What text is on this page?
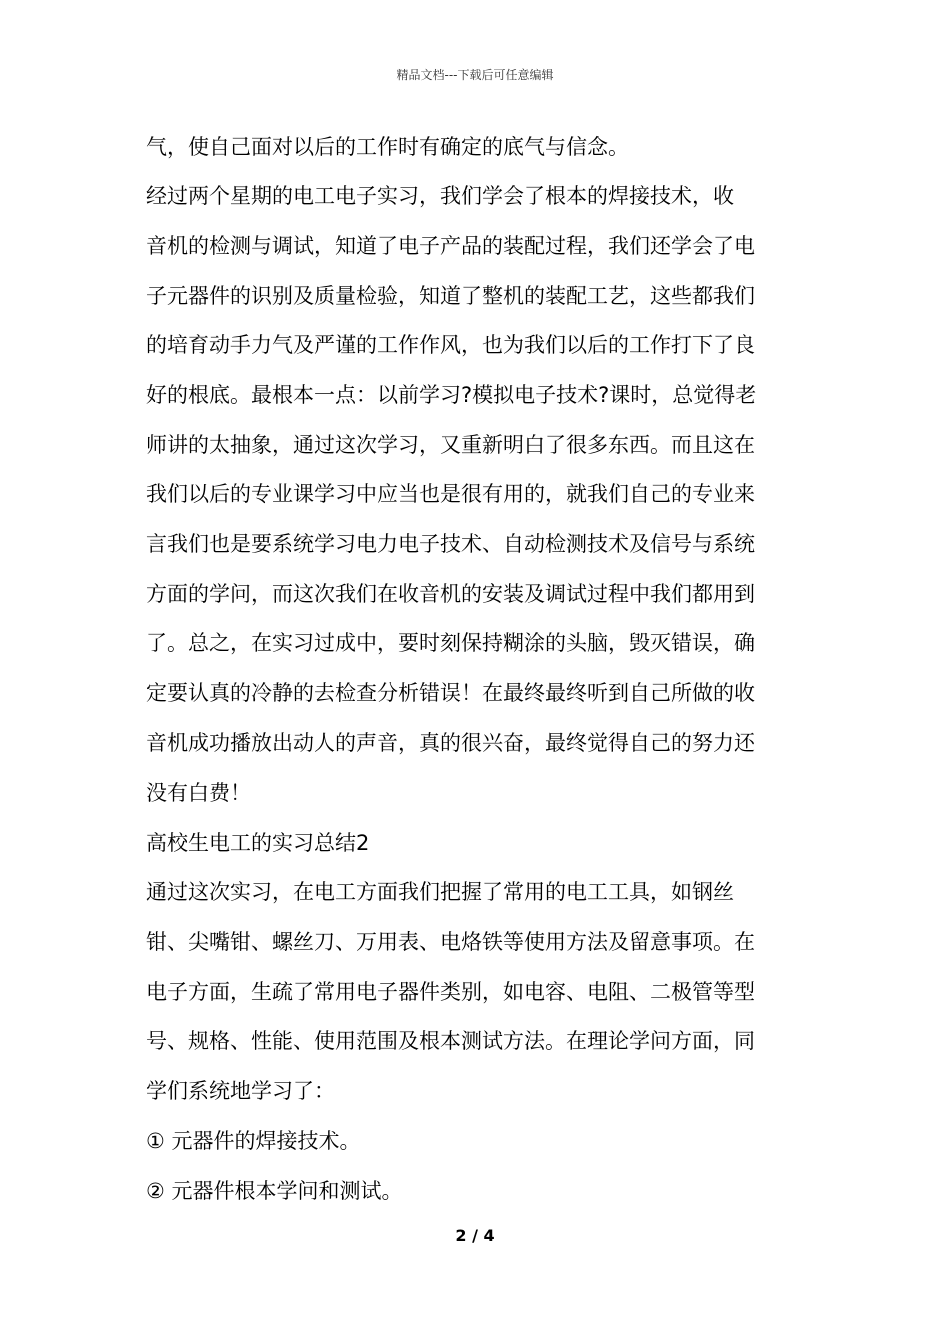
精品文档---下载后可任意编辑
气，使自己面对以后的工作时有确定的底气与信念。
经过两个星期的电工电子实习，我们学会了根本的焊接技术，收
音机的检测与调试，知道了电子产品的装配过程，我们还学会了电
子元器件的识别及质量检验，知道了整机的装配工艺，这些都我们
的培育动手力气及严谨的工作作风，也为我们以后的工作打下了良
好的根底。最根本一点：以前学习?模拟电子技术?课时，总觉得老
师讲的太抽象，通过这次学习，又重新明白了很多东西。而且这在
我们以后的专业课学习中应当也是很有用的，就我们自己的专业来
言我们也是要系统学习电力电子技术、自动检测技术及信号与系统
方面的学问，而这次我们在收音机的安装及调试过程中我们都用到
了。总之，在实习过成中，要时刻保持糊涂的头脑，毁灭错误，确
定要认真的冷静的去检查分析错误！在最终最终听到自己所做的收
音机成功播放出动人的声音，真的很兴奋，最终觉得自己的努力还
没有白费！
高校生电工的实习总结2
通过这次实习，在电工方面我们把握了常用的电工工具，如钢丝
钳、尖嘴钳、螺丝刀、万用表、电烙铁等使用方法及留意事项。在
电子方面，生疏了常用电子器件类别，如电容、电阻、二极管等型
号、规格、性能、使用范围及根本测试方法。在理论学问方面，同
学们系统地学习了：
① 元器件的焊接技术。
② 元器件根本学问和测试。
2 / 4
